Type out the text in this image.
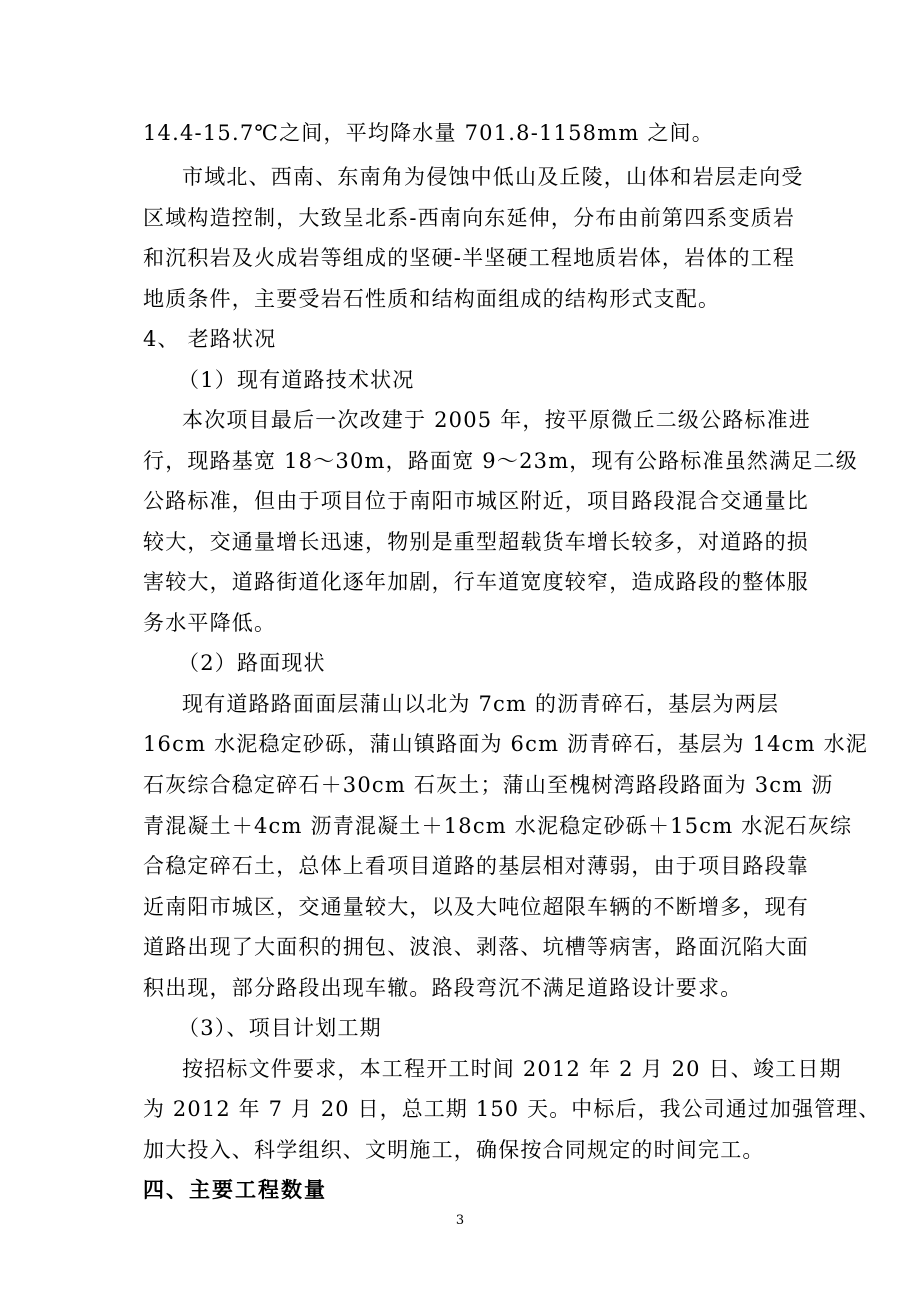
14.4-15.7℃之间，平均降水量 701.8-1158mm 之间。

市域北、西南、东南角为侵蚀中低山及丘陵，山体和岩层走向受

区域构造控制，大致呈北系-西南向东延伸，分布由前第四系变质岩

和沉积岩及火成岩等组成的坚硬-半坚硬工程地质岩体，岩体的工程

地质条件，主要受岩石性质和结构面组成的结构形式支配。

4、 老路状况

（1）现有道路技术状况

本次项目最后一次改建于 2005 年，按平原微丘二级公路标准进

行，现路基宽 18～30m，路面宽 9～23m，现有公路标准虽然满足二级

公路标准，但由于项目位于南阳市城区附近，项目路段混合交通量比

较大，交通量增长迅速，物别是重型超载货车增长较多，对道路的损

害较大，道路街道化逐年加剧，行车道宽度较窄，造成路段的整体服

务水平降低。

（2）路面现状

现有道路路面面层蒲山以北为 7cm 的沥青碎石，基层为两层

16cm 水泥稳定砂砾，蒲山镇路面为 6cm 沥青碎石，基层为 14cm 水泥

石灰综合稳定碎石＋30cm 石灰土；蒲山至槐树湾路段路面为 3cm 沥

青混凝土＋4cm 沥青混凝土＋18cm 水泥稳定砂砾＋15cm 水泥石灰综

合稳定碎石土，总体上看项目道路的基层相对薄弱，由于项目路段靠

近南阳市城区，交通量较大，以及大吨位超限车辆的不断增多，现有

道路出现了大面积的拥包、波浪、剥落、坑槽等病害，路面沉陷大面

积出现，部分路段出现车辙。路段弯沉不满足道路设计要求。

（3）、项目计划工期

按招标文件要求，本工程开工时间 2012 年 2 月 20 日、竣工日期

为 2012 年 7 月 20 日，总工期 150 天。中标后，我公司通过加强管理、

加大投入、科学组织、文明施工，确保按合同规定的时间完工。

四、主要工程数量

3
